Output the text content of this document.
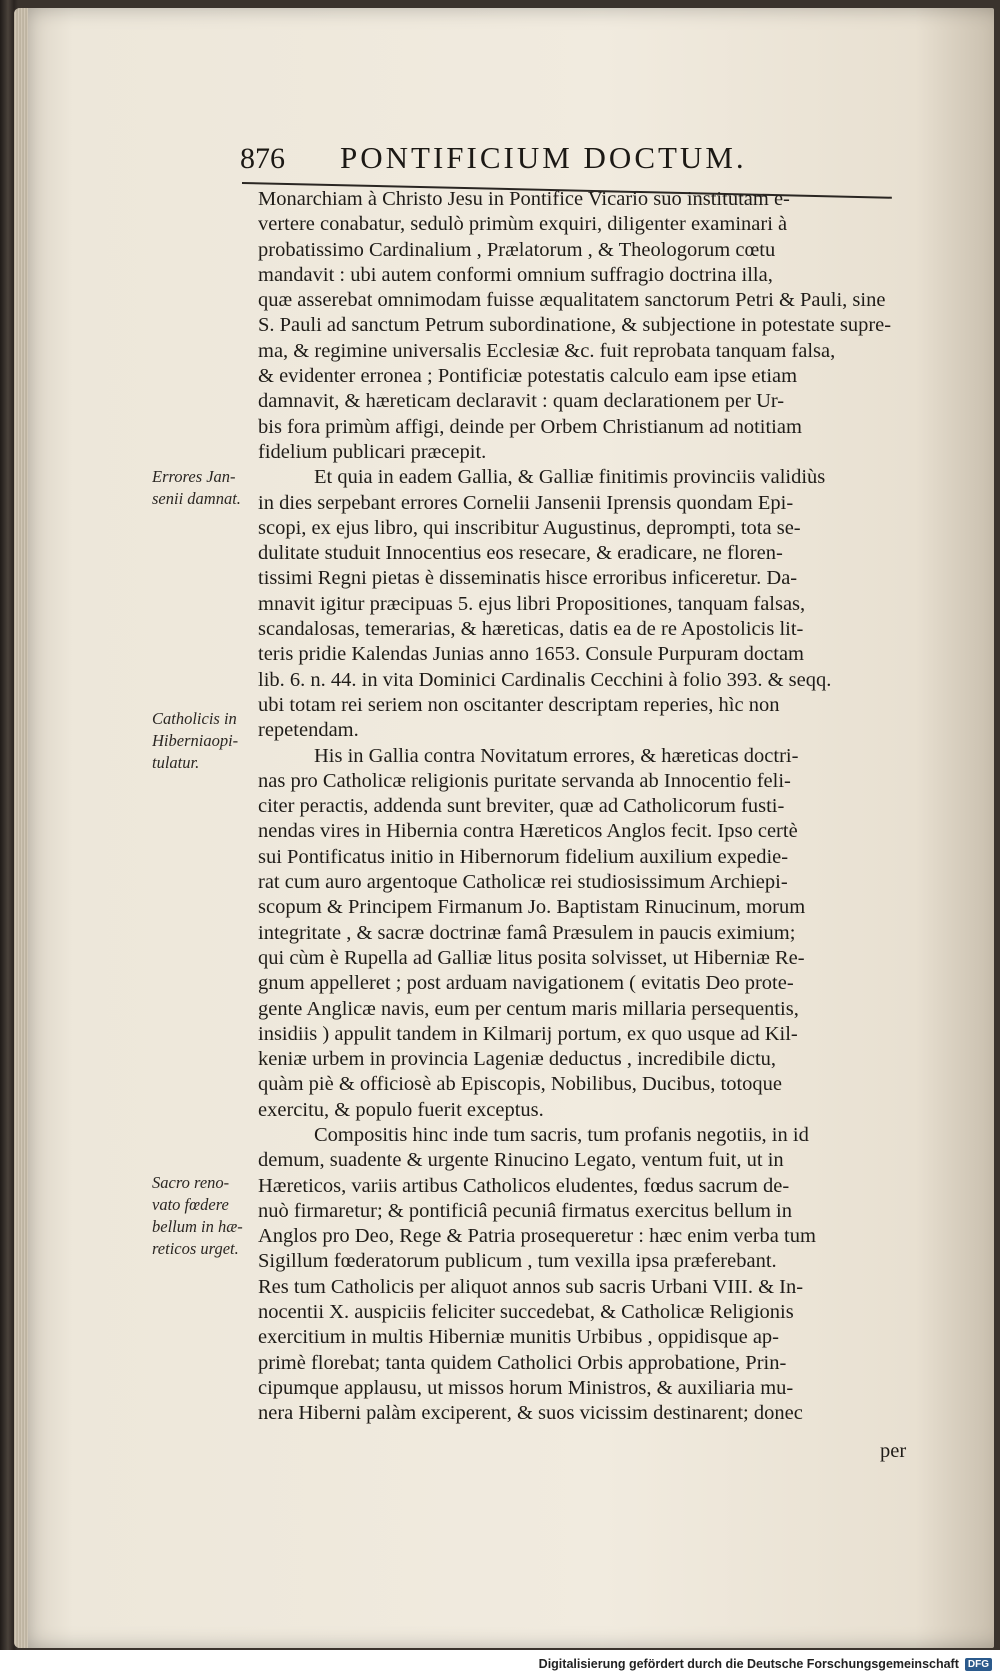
876	PONTIFICIUM DOCTUM.
Monarchiam à Christo Jesu in Pontifice Vicario suo institutam e-
vertere conabatur, sedulò primùm exquiri, diligenter examinari à
probatissimo Cardinalium , Prælatorum , & Theologorum cœtu
mandavit : ubi autem conformi omnium suffragio doctrina illa,
quæ asserebat omnimodam fuisse æqualitatem sanctorum Petri & Pauli, sine
S. Pauli ad sanctum Petrum subordinatione, & subjectione in potestate supre-
ma, & regimine universalis Ecclesiæ &c. fuit reprobata tanquam falsa,
& evidenter erronea ; Pontificiæ potestatis calculo eam ipse etiam
damnavit, & hæreticam declaravit : quam declarationem per Ur-
bis fora primùm affigi, deinde per Orbem Christianum ad notitiam
fidelium publicari præcepit.
Et quia in eadem Gallia, & Galliæ finitimis provinciis validiùs
in dies serpebant errores Cornelii Jansenii Iprensis quondam Epi-
scopi, ex ejus libro, qui inscribitur Augustinus, deprompti, tota se-
dulitate studuit Innocentius eos resecare, & eradicare, ne floren-
tissimi Regni pietas è disseminatis hisce erroribus inficeretur. Da-
mnavit igitur præcipuas 5. ejus libri Propositiones, tanquam falsas,
scandalosas, temerarias, & hæreticas, datis ea de re Apostolicis lit-
teris pridie Kalendas Junias anno 1653. Consule Purpuram doctam
lib. 6. n. 44. in vita Dominici Cardinalis Cecchini à folio 393. & seqq.
ubi totam rei seriem non oscitanter descriptam reperies, hìc non
repetendam.
His in Gallia contra Novitatum errores, & hæreticas doctri-
nas pro Catholicæ religionis puritate servanda ab Innocentio feli-
citer peractis, addenda sunt breviter, quæ ad Catholicorum fusti-
nendas vires in Hibernia contra Hæreticos Anglos fecit. Ipso certè
sui Pontificatus initio in Hibernorum fidelium auxilium expedie-
rat cum auro argentoque Catholicæ rei studiosissimum Archiepi-
scopum & Principem Firmanum Jo. Baptistam Rinucinum, morum
integritate , & sacræ doctrinæ famâ Præsulem in paucis eximium;
qui cùm è Rupella ad Galliæ litus posita solvisset, ut Hiberniæ Re-
gnum appelleret ; post arduam navigationem ( evitatis Deo prote-
gente Anglicæ navis, eum per centum maris millaria persequentis,
insidiis ) appulit tandem in Kilmarij portum, ex quo usque ad Kil-
keniæ urbem in provincia Lageniæ deductus , incredibile dictu,
quàm piè & officiosè ab Episcopis, Nobilibus, Ducibus, totoque
exercitu, & populo fuerit exceptus.
Compositis hinc inde tum sacris, tum profanis negotiis, in id
demum, suadente & urgente Rinucino Legato, ventum fuit, ut in
Hæreticos, variis artibus Catholicos eludentes, fœdus sacrum de-
nuò firmaretur; & pontificiâ pecuniâ firmatus exercitus bellum in
Anglos pro Deo, Rege & Patria prosequeretur : hæc enim verba tum
Sigillum fœderatorum publicum , tum vexilla ipsa præferebant.
Res tum Catholicis per aliquot annos sub sacris Urbani VIII. & In-
nocentii X. auspiciis feliciter succedebat, & Catholicæ Religionis
exercitium in multis Hiberniæ munitis Urbibus , oppidisque ap-
primè florebat; tanta quidem Catholici Orbis approbatione, Prin-
cipumque applausu, ut missos horum Ministros, & auxiliaria mu-
nera Hiberni palàm exciperent, & suos vicissim destinarent; donec
Errores Jan-
senii damnat.
Catholicis in
Hiberniaopi-
tulatur.
Sacro reno-
vato fœdere
bellum in hæ-
reticos urget.
per
Digitalisierung gefördert durch die Deutsche Forschungsgemeinschaft DFG
